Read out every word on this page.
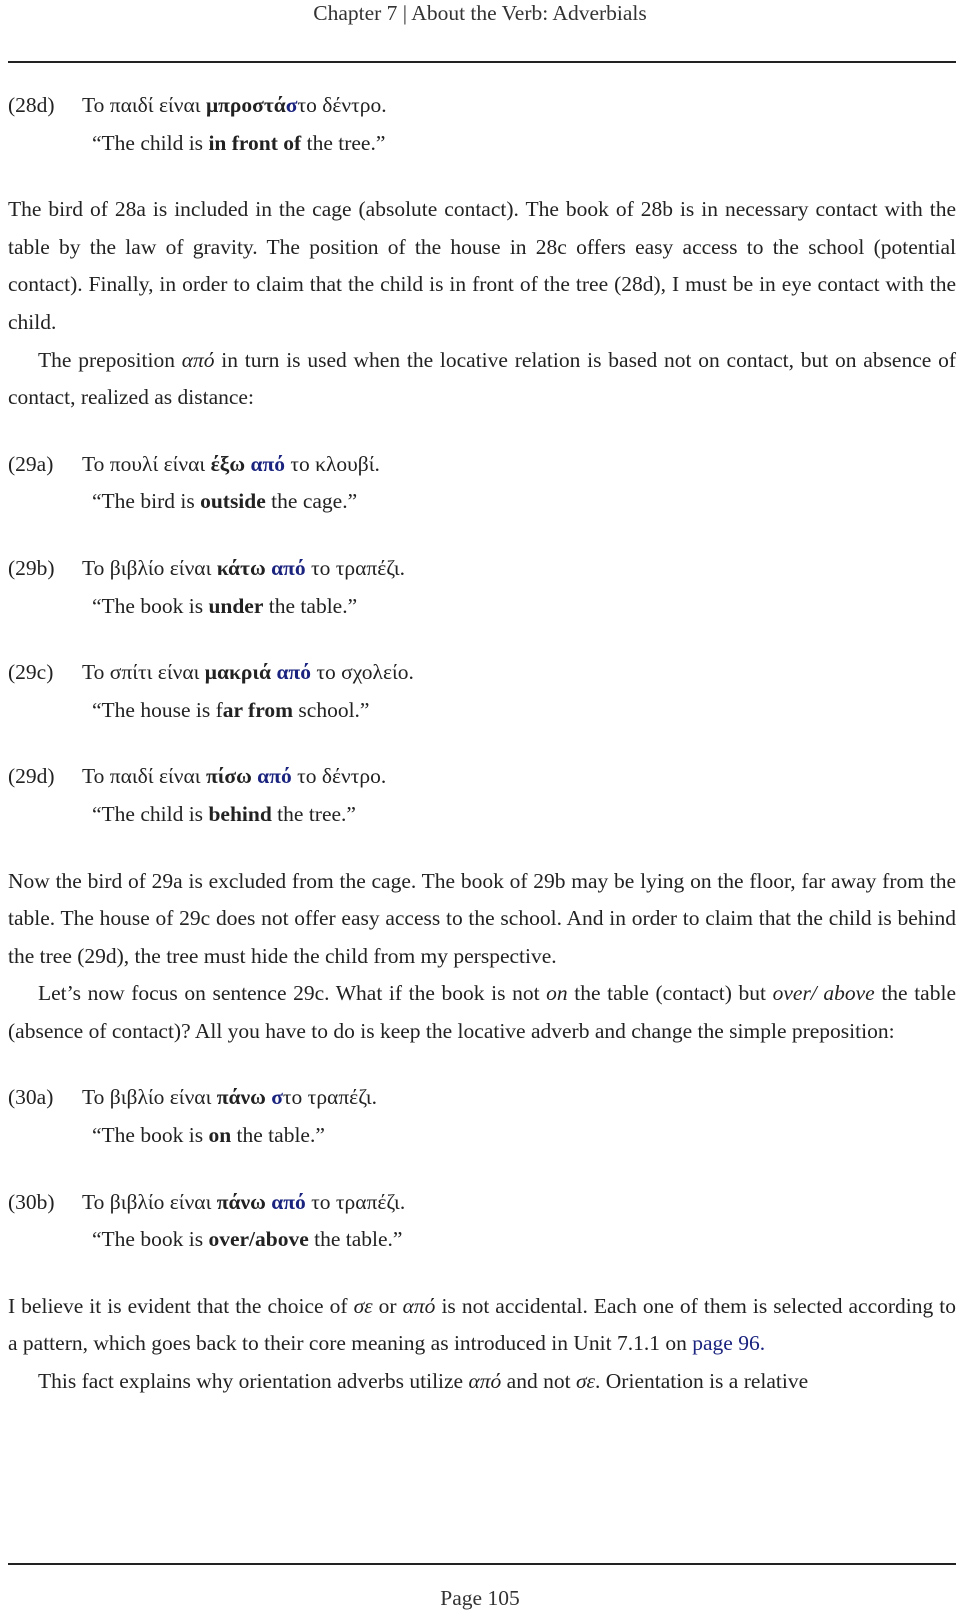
Chapter 7 | About the Verb: Adverbials
(28d)	Το παιδί είναι μπροστάστο δέντρο.
“The child is in front of the tree.”

The bird of 28a is included in the cage (absolute contact). The book of 28b is in necessary contact with the table by the law of gravity. The position of the house in 28c offers easy access to the school (potential contact). Finally, in order to claim that the child is in front of the tree (28d), I must be in eye contact with the child.

The preposition από in turn is used when the locative relation is based not on contact, but on absence of contact, realized as distance:

(29a)	Το πουλί είναι έξω από το κλουβί.
“The bird is outside the cage.”
(29b)	Το βιβλίο είναι κάτω από το τραπέζι.
“The book is under the table.”
(29c)	Το σπίτι είναι μακριά από το σχολείο.
“The house is far from school.”
(29d)	Το παιδί είναι πίσω από το δέντρο.
“The child is behind the tree.”

Now the bird of 29a is excluded from the cage. The book of 29b may be lying on the floor, far away from the table. The house of 29c does not offer easy access to the school. And in order to claim that the child is behind the tree (29d), the tree must hide the child from my perspective.

Let’s now focus on sentence 29c. What if the book is not on the table (contact) but over/ above the table (absence of contact)? All you have to do is keep the locative adverb and change the simple preposition:

(30a)	Το βιβλίο είναι πάνω στο τραπέζι.
“The book is on the table.”
(30b)	Το βιβλίο είναι πάνω από το τραπέζι.
“The book is over/above the table.”

I believe it is evident that the choice of σε or από is not accidental. Each one of them is selected according to a pattern, which goes back to their core meaning as introduced in Unit 7.1.1 on page 96.

This fact explains why orientation adverbs utilize από and not σε. Orientation is a relative

Page 105
